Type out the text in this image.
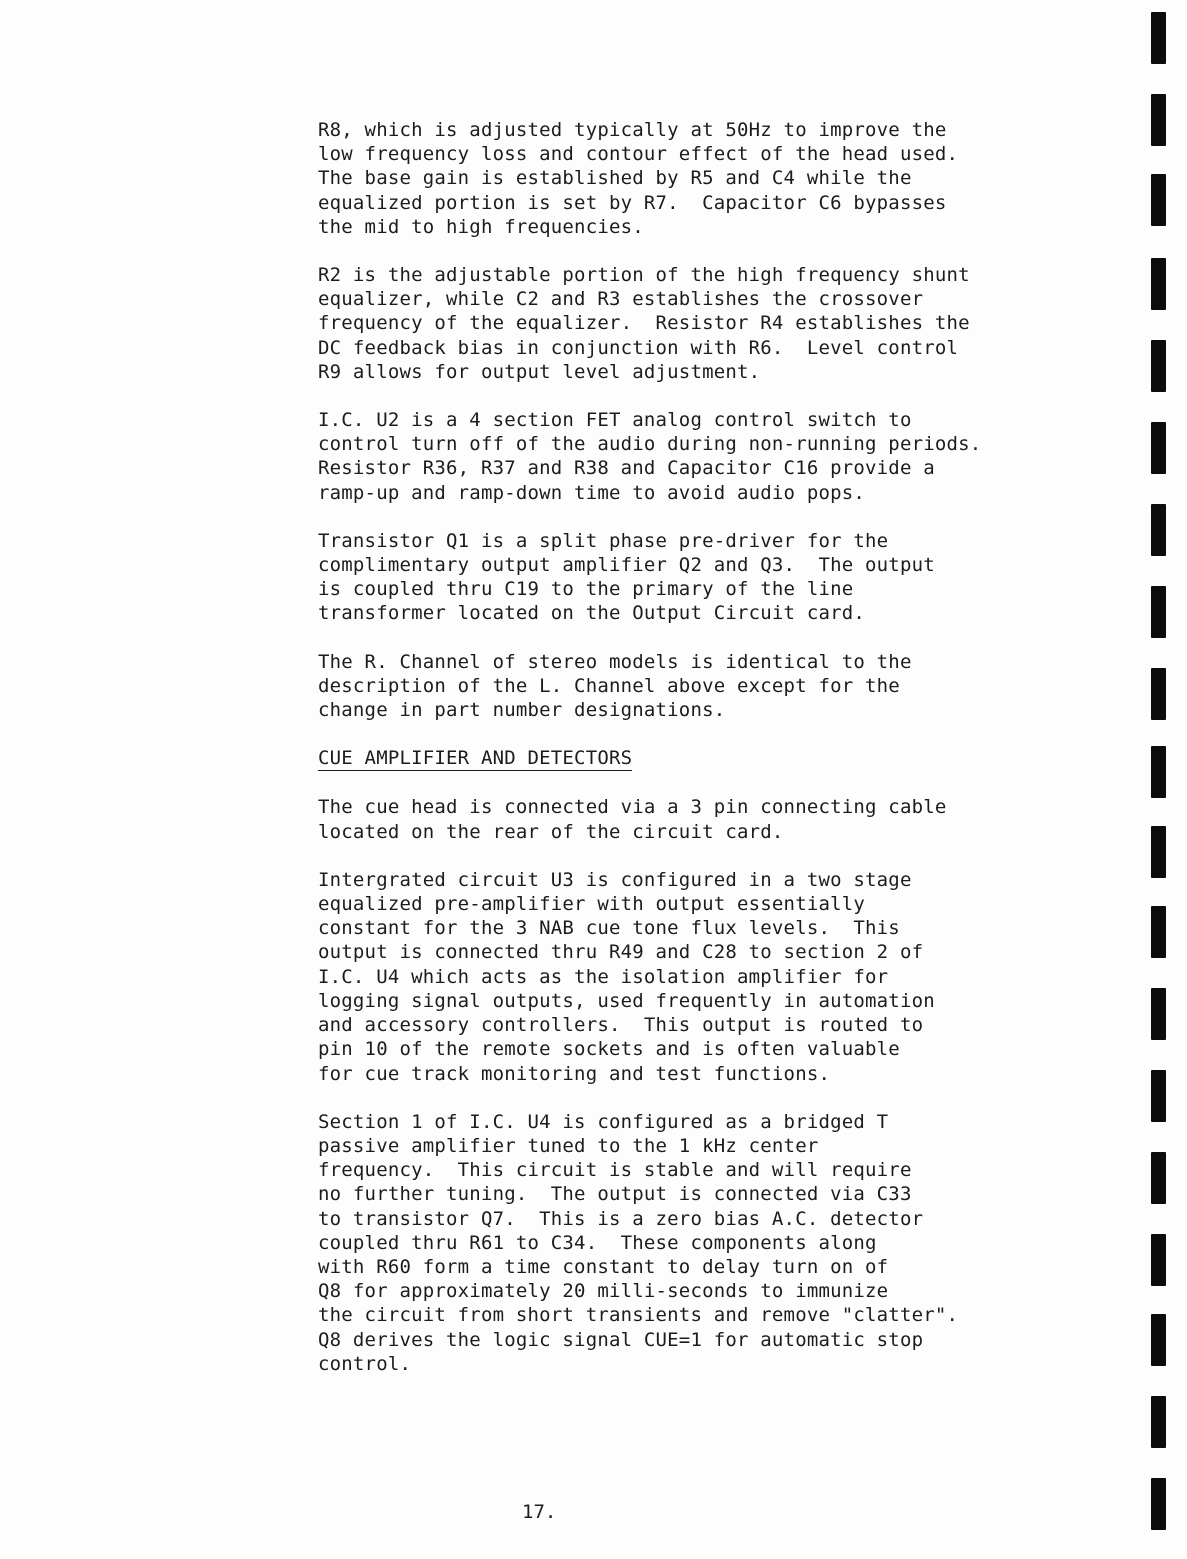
R8, which is adjusted typically at 50Hz to improve the
low frequency loss and contour effect of the head used.
The base gain is established by R5 and C4 while the
equalized portion is set by R7.  Capacitor C6 bypasses
the mid to high frequencies.

R2 is the adjustable portion of the high frequency shunt
equalizer, while C2 and R3 establishes the crossover
frequency of the equalizer.  Resistor R4 establishes the
DC feedback bias in conjunction with R6.  Level control
R9 allows for output level adjustment.

I.C. U2 is a 4 section FET analog control switch to
control turn off of the audio during non-running periods.
Resistor R36, R37 and R38 and Capacitor C16 provide a
ramp-up and ramp-down time to avoid audio pops.

Transistor Q1 is a split phase pre-driver for the
complimentary output amplifier Q2 and Q3.  The output
is coupled thru C19 to the primary of the line
transformer located on the Output Circuit card.

The R. Channel of stereo models is identical to the
description of the L. Channel above except for the
change in part number designations.

CUE AMPLIFIER AND DETECTORS

The cue head is connected via a 3 pin connecting cable
located on the rear of the circuit card.

Intergrated circuit U3 is configured in a two stage
equalized pre-amplifier with output essentially
constant for the 3 NAB cue tone flux levels.  This
output is connected thru R49 and C28 to section 2 of
I.C. U4 which acts as the isolation amplifier for
logging signal outputs, used frequently in automation
and accessory controllers.  This output is routed to
pin 10 of the remote sockets and is often valuable
for cue track monitoring and test functions.

Section 1 of I.C. U4 is configured as a bridged T
passive amplifier tuned to the 1 kHz center
frequency.  This circuit is stable and will require
no further tuning.  The output is connected via C33
to transistor Q7.  This is a zero bias A.C. detector
coupled thru R61 to C34.  These components along
with R60 form a time constant to delay turn on of
Q8 for approximately 20 milli-seconds to immunize
the circuit from short transients and remove "clatter".
Q8 derives the logic signal CUE=1 for automatic stop
control.

17.
